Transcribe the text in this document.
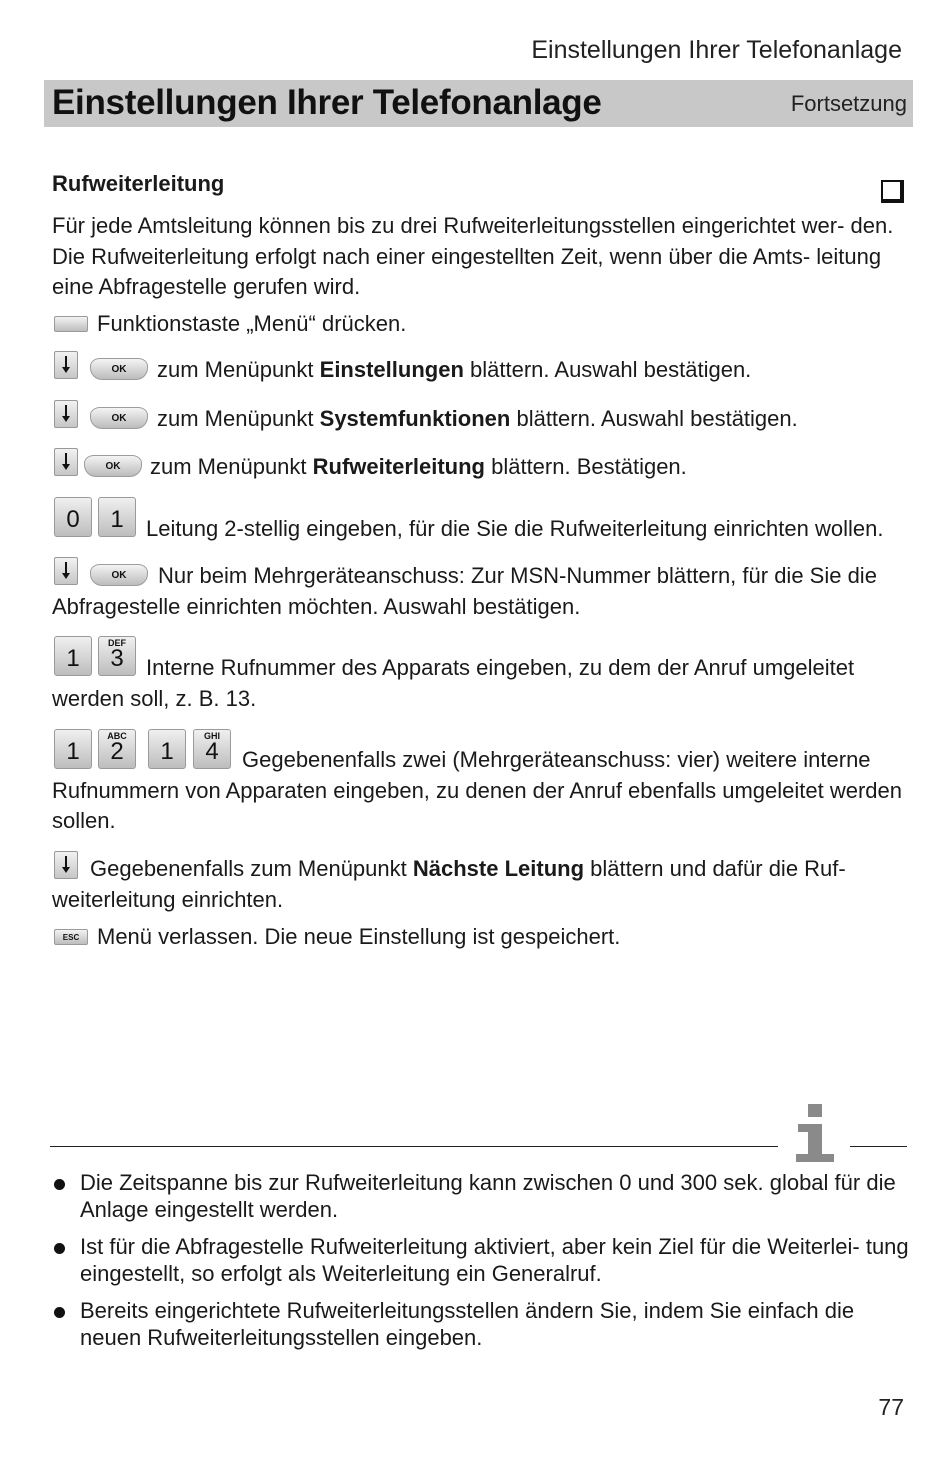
Einstellungen Ihrer Telefonanlage
Einstellungen Ihrer Telefonanlage	Fortsetzung
Rufweiterleitung
Für jede Amtsleitung können bis zu drei Rufweiterleitungsstellen eingerichtet wer- den. Die Rufweiterleitung erfolgt nach einer eingestellten Zeit, wenn über die Amts- leitung eine Abfragestelle gerufen wird.
Funktionstaste „Menü“ drücken.
OK	zum Menüpunkt Einstellungen blättern. Auswahl bestätigen.
OK	zum Menüpunkt Systemfunktionen blättern. Auswahl bestätigen.
OK	zum Menüpunkt Rufweiterleitung blättern. Bestätigen.
0	1	Leitung 2-stellig eingeben, für die Sie die Rufweiterleitung einrichten wollen.
OK	Nur beim Mehrgeräteanschuss: Zur MSN-Nummer blättern, für die Sie die Abfragestelle einrichten möchten. Auswahl bestätigen.
1
DEF
3	Interne Rufnummer des Apparats eingeben, zu dem der Anruf umgeleitet werden soll, z. B. 13.
1
ABC
2	1
GHI
4	Gegebenenfalls zwei (Mehrgeräteanschuss: vier) weitere interne Rufnummern von Apparaten eingeben, zu denen der Anruf ebenfalls umgeleitet werden sollen.
Gegebenenfalls zum Menüpunkt Nächste Leitung blättern und dafür die Ruf- weiterleitung einrichten.
ESC Menü verlassen. Die neue Einstellung ist gespeichert.
Die Zeitspanne bis zur Rufweiterleitung kann zwischen 0 und 300 sek. global für die Anlage eingestellt werden.
Ist für die Abfragestelle Rufweiterleitung aktiviert, aber kein Ziel für die Weiterlei- tung eingestellt, so erfolgt als Weiterleitung ein Generalruf.
Bereits eingerichtete Rufweiterleitungsstellen ändern Sie, indem Sie einfach die neuen Rufweiterleitungsstellen eingeben.
77
